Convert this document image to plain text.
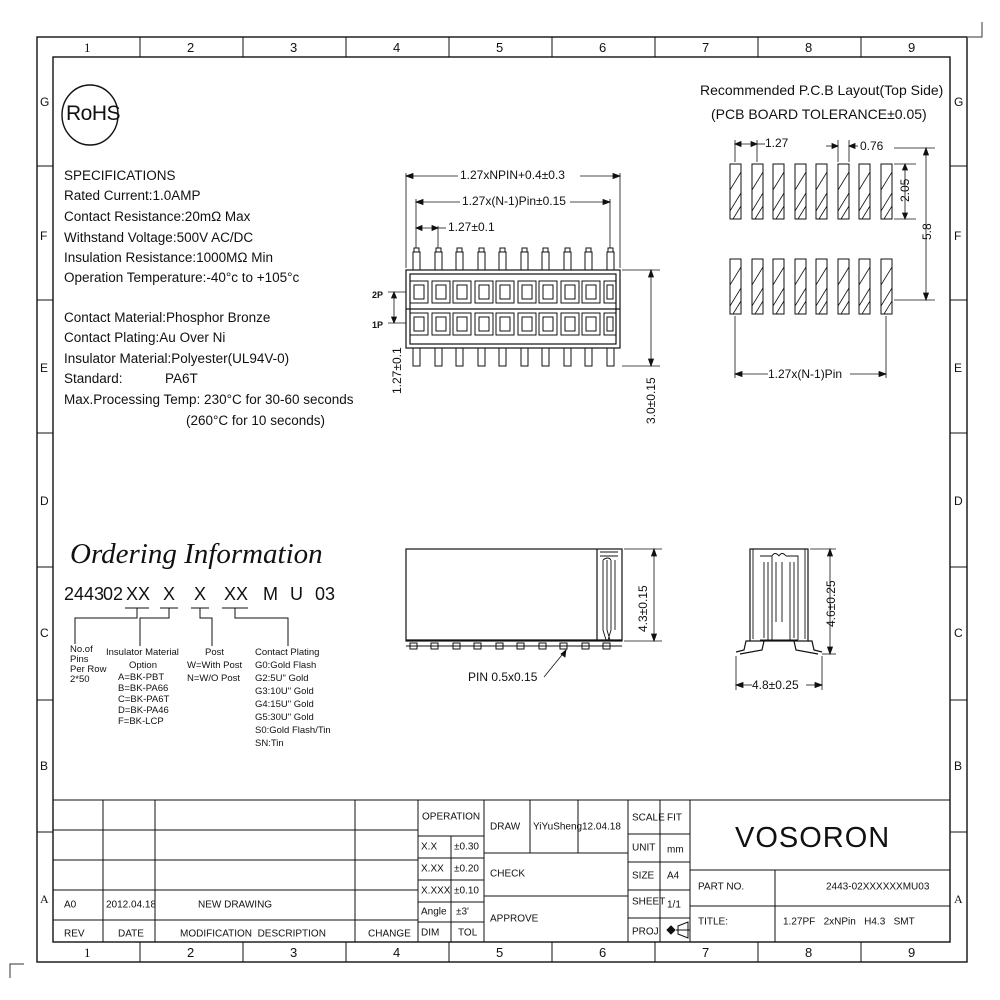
1	2	3	4	5	6	7	8	9
1	2	3	4	5	6	7	8	9
G
F
E
D
C
B
A
G
F
E
D
C
B
A
RoHS
SPECIFICATIONS
Rated Current:1.0AMP
Contact Resistance:20mΩ Max
Withstand Voltage:500V AC/DC
Insulation Resistance:1000MΩ Min
Operation Temperature:-40°c to +105°c
Contact Material:Phosphor Bronze
Contact Plating:Au Over Ni
Insulator Material:Polyester(UL94V-0)
Standard:	PA6T
Max.Processing Temp: 230°C for 30-60 seconds
(260°C for 10 seconds)
Recommended P.C.B Layout(Top Side)
(PCB BOARD TOLERANCE±0.05)
1.27	0.76
2.05
5.8
1.27x(N-1)Pin
1.27xNPIN+0.4±0.3
1.27x(N-1)Pin±0.15
1.27±0.1
2P
1P
1.27±0.1
3.0±0.15
4.3±0.15
PIN 0.5x0.15
4.6±0.25
4.8±0.25
Ordering Information
2443
02 XX X X XX M U 03
No.of
Pins
Per Row
2*50
Insulator Material
Option
A=BK-PBT
B=BK-PA66
C=BK-PA6T
D=BK-PA46
F=BK-LCP
Post
W=With Post
N=W/O Post
Contact Plating
G0:Gold Flash
G2:5U" Gold
G3:10U" Gold
G4:15U" Gold
G5:30U" Gold
S0:Gold Flash/Tin
SN:Tin
OPERATION
X.X ±0.30
X.XX ±0.20
X.XXX ±0.10
Angle ±3'
DIM TOL
DRAW YiYuSheng 12.04.18
CHECK
APPROVE
SCALE FIT
UNIT mm
SIZE A4
SHEET 1/1
PROJ.
VOSORON
PART NO.	2443-02XXXXXXMU03
TITLE:	1.27PF   2xNPin   H4.3   SMT
A0	2012.04.18	NEW DRAWING
REV	DATE	MODIFICATION  DESCRIPTION	CHANGE
